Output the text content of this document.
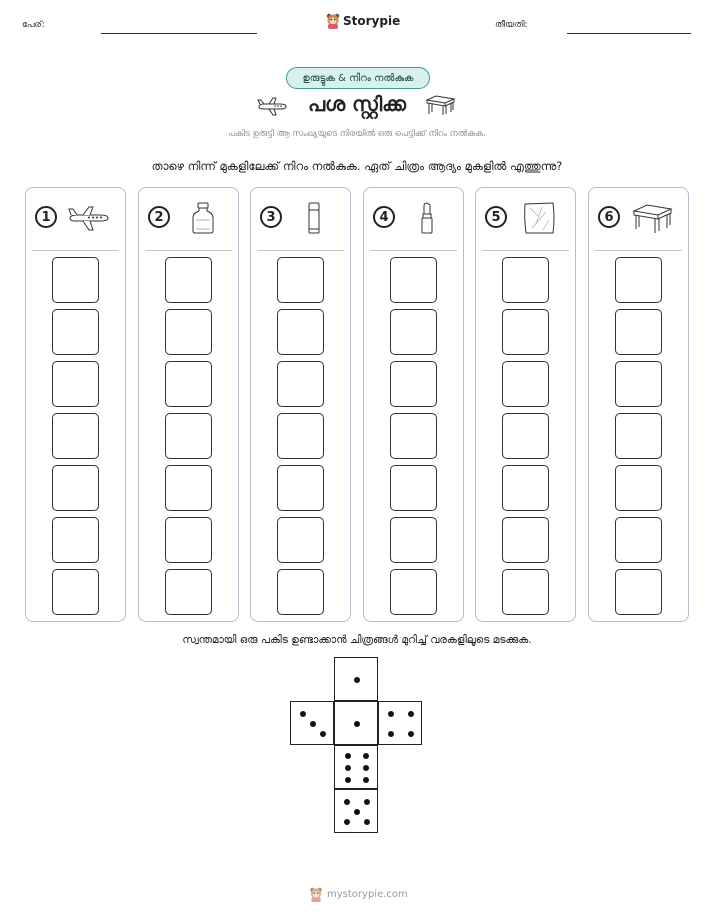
പേര്:	Storypie	തീയതി:
ഉരുട്ടുക & നിറം നൽകുക
പശ സ്റ്റിക്ക
പകിട ഉരുട്ടി ആ സംഖ്യയുടെ നിരയിൽ ഒരു പെട്ടിക്ക് നിറം നൽകുക.
താഴെ നിന്ന് മുകളിലേക്ക് നിറം നൽകുക. ഏത് ചിത്രം ആദ്യം മുകളിൽ എത്തുന്നു?
1	2	3	4	5	6
സ്വന്തമായി ഒരു പകിട ഉണ്ടാക്കാൻ ചിത്രങ്ങൾ മുറിച്ച് വരകളിലൂടെ മടക്കുക.
mystorypie.com
